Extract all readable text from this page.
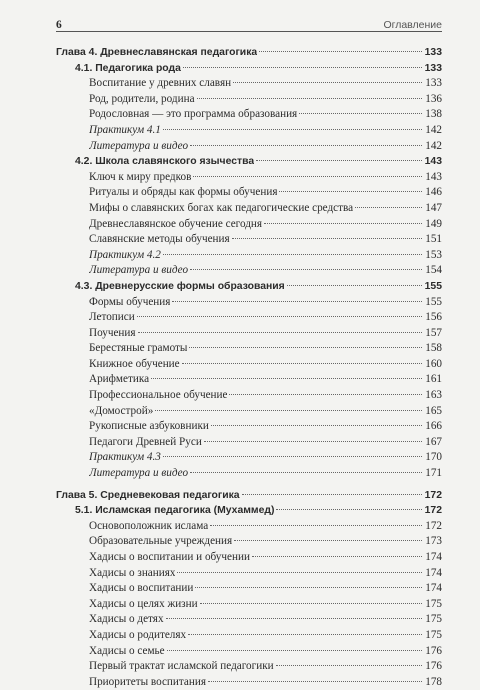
6	Оглавление
Глава 4. Древнеславянская педагогика	133
4.1. Педагогика рода	133
Воспитание у древних славян	133
Род, родители, родина	136
Родословная — это программа образования	138
Практикум 4.1	142
Литература и видео	142
4.2. Школа славянского язычества	143
Ключ к миру предков	143
Ритуалы и обряды как формы обучения	146
Мифы о славянских богах как педагогические средства	147
Древнеславянское обучение сегодня	149
Славянские методы обучения	151
Практикум 4.2	153
Литература и видео	154
4.3. Древнерусские формы образования	155
Формы обучения	155
Летописи	156
Поучения	157
Берестяные грамоты	158
Книжное обучение	160
Арифметика	161
Профессиональное обучение	163
«Домострой»	165
Рукописные азбуковники	166
Педагоги Древней Руси	167
Практикум 4.3	170
Литература и видео	171
Глава 5. Средневековая педагогика	172
5.1. Исламская педагогика (Мухаммед)	172
Основоположник ислама	172
Образовательные учреждения	173
Хадисы о воспитании и обучении	174
Хадисы о знаниях	174
Хадисы о воспитании	174
Хадисы о целях жизни	175
Хадисы о детях	175
Хадисы о родителях	175
Хадисы о семье	176
Первый трактат исламской педагогики	176
Приоритеты воспитания	178
